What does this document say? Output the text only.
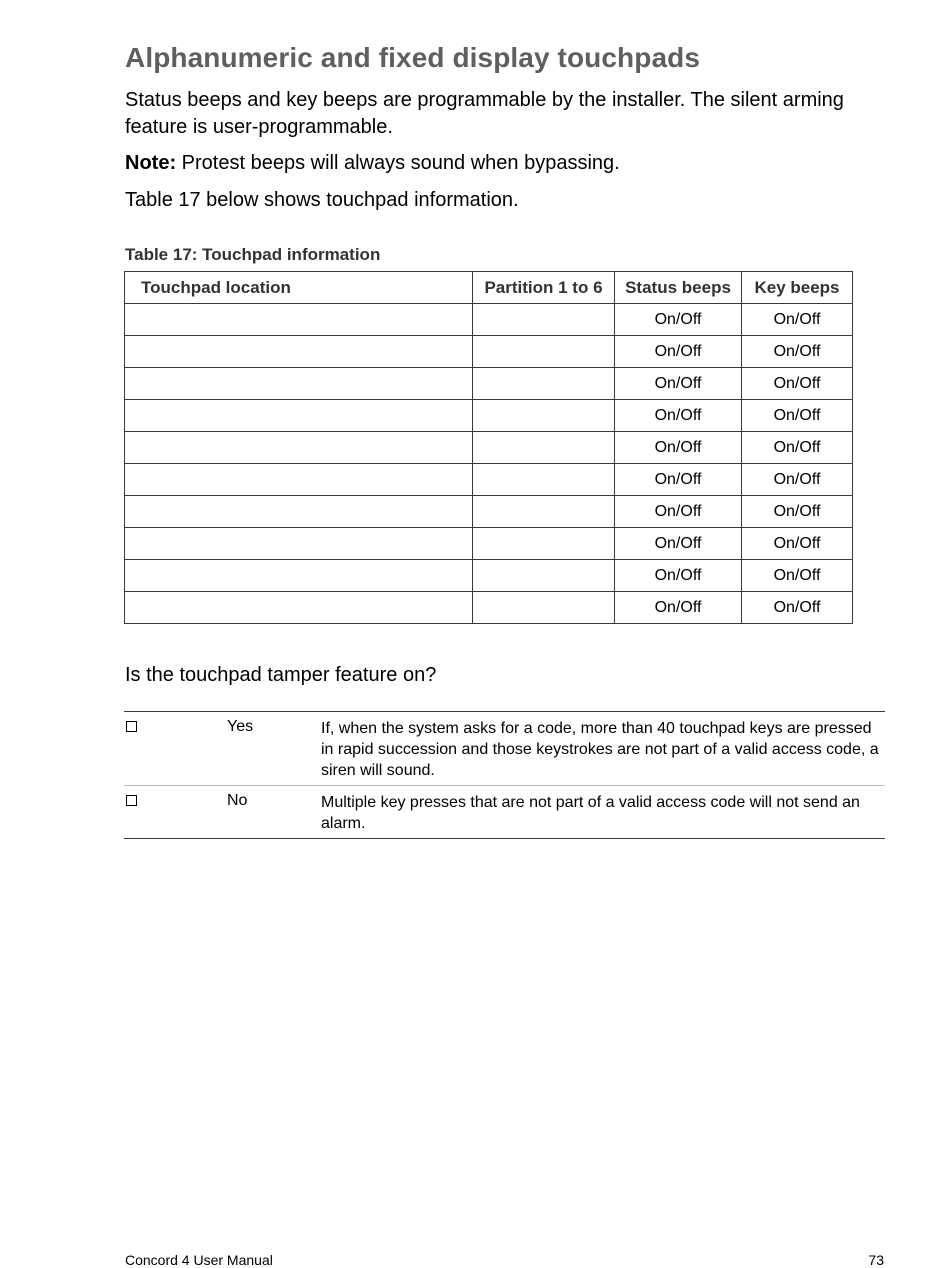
Alphanumeric and fixed display touchpads

Status beeps and key beeps are programmable by the installer. The silent arming feature is user-programmable.

Note: Protest beeps will always sound when bypassing.

Table 17 below shows touchpad information.

Table 17: Touchpad information

Touchpad location	Partition 1 to 6	Status beeps	Key beeps
		On/Off	On/Off
		On/Off	On/Off
		On/Off	On/Off
		On/Off	On/Off
		On/Off	On/Off
		On/Off	On/Off
		On/Off	On/Off
		On/Off	On/Off
		On/Off	On/Off
		On/Off	On/Off

Is the touchpad tamper feature on?

Yes	If, when the system asks for a code, more than 40 touchpad keys are pressed in rapid succession and those keystrokes are not part of a valid access code, a siren will sound.

No	Multiple key presses that are not part of a valid access code will not send an alarm.

Concord 4 User Manual	73
